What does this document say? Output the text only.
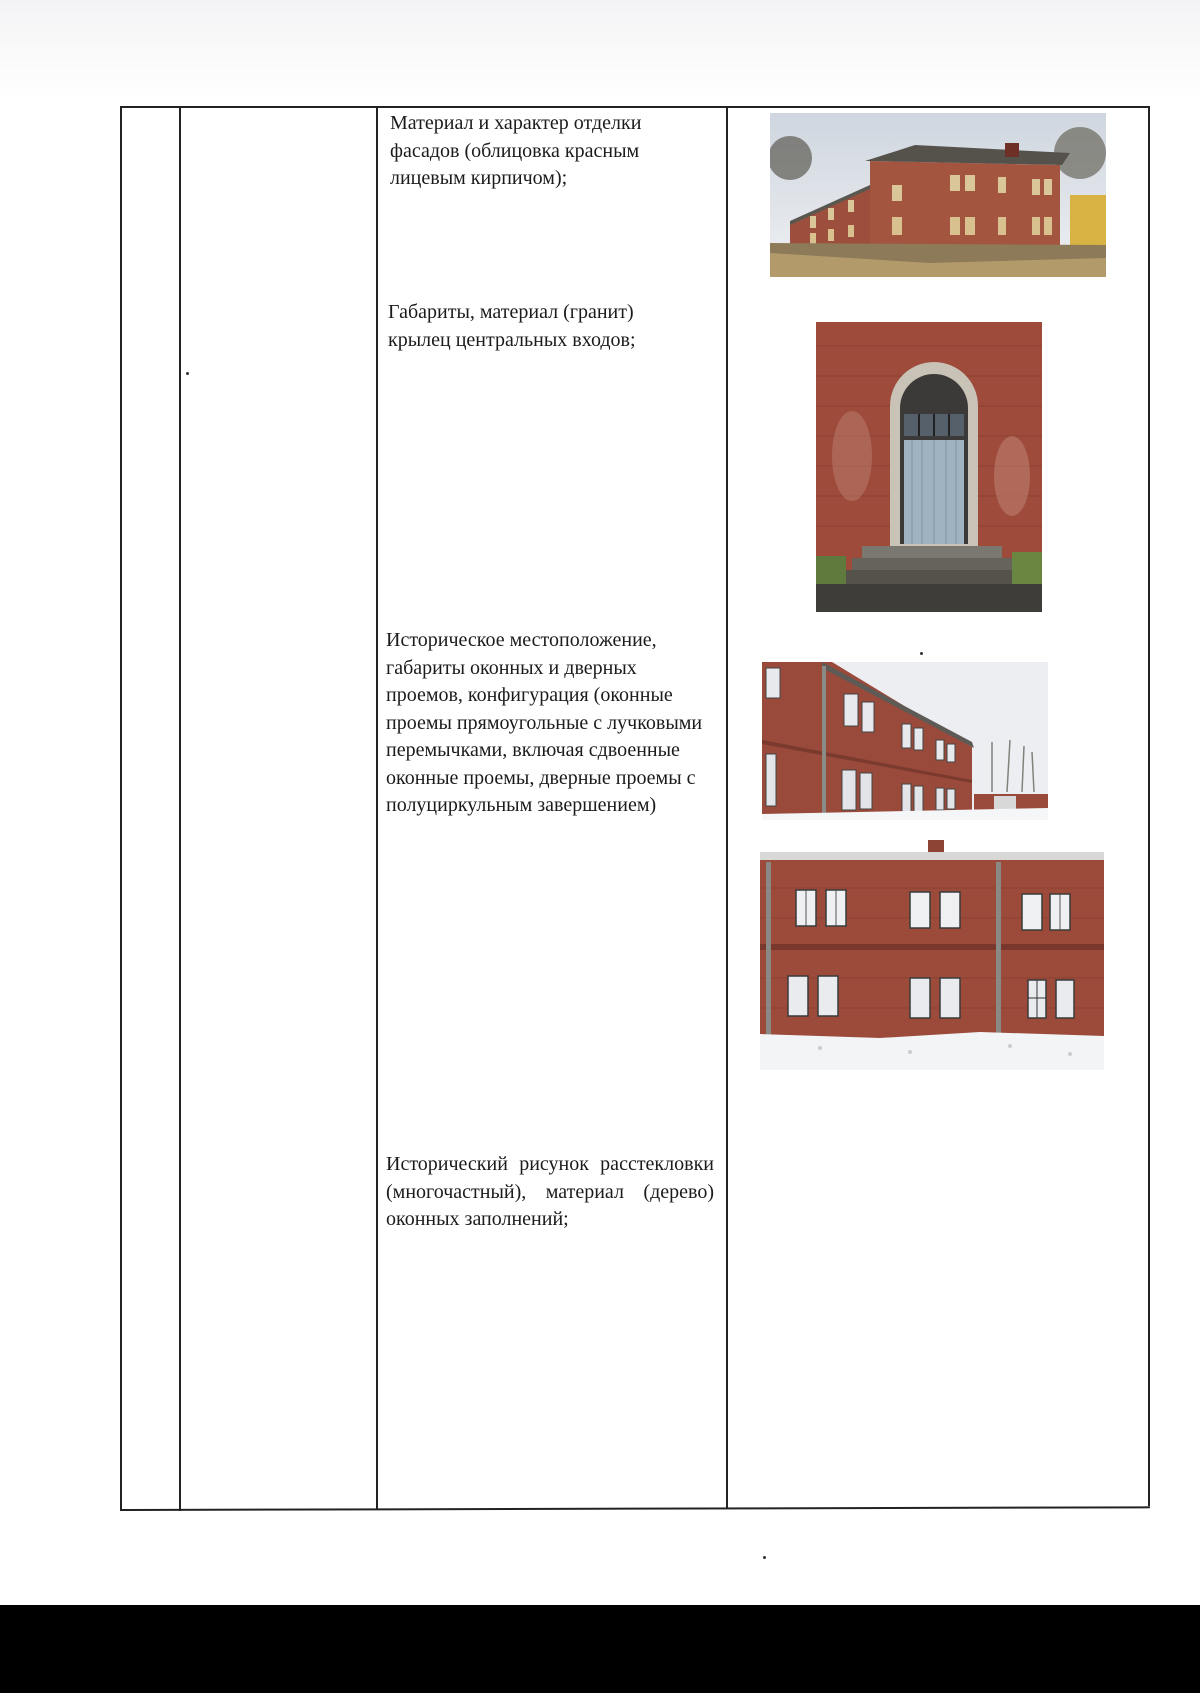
Материал и характер отделки фасадов (облицовка красным лицевым кирпичом);
Габариты, материал (гранит) крылец центральных входов;
Историческое местоположение, габариты оконных и дверных проемов, конфигурация (оконные проемы прямоугольные с лучковыми перемычками, включая сдвоенные оконные проемы, дверные проемы с полуциркульным завершением)
Исторический рисунок расстекловки (многочастный), материал (дерево) оконных заполнений;
